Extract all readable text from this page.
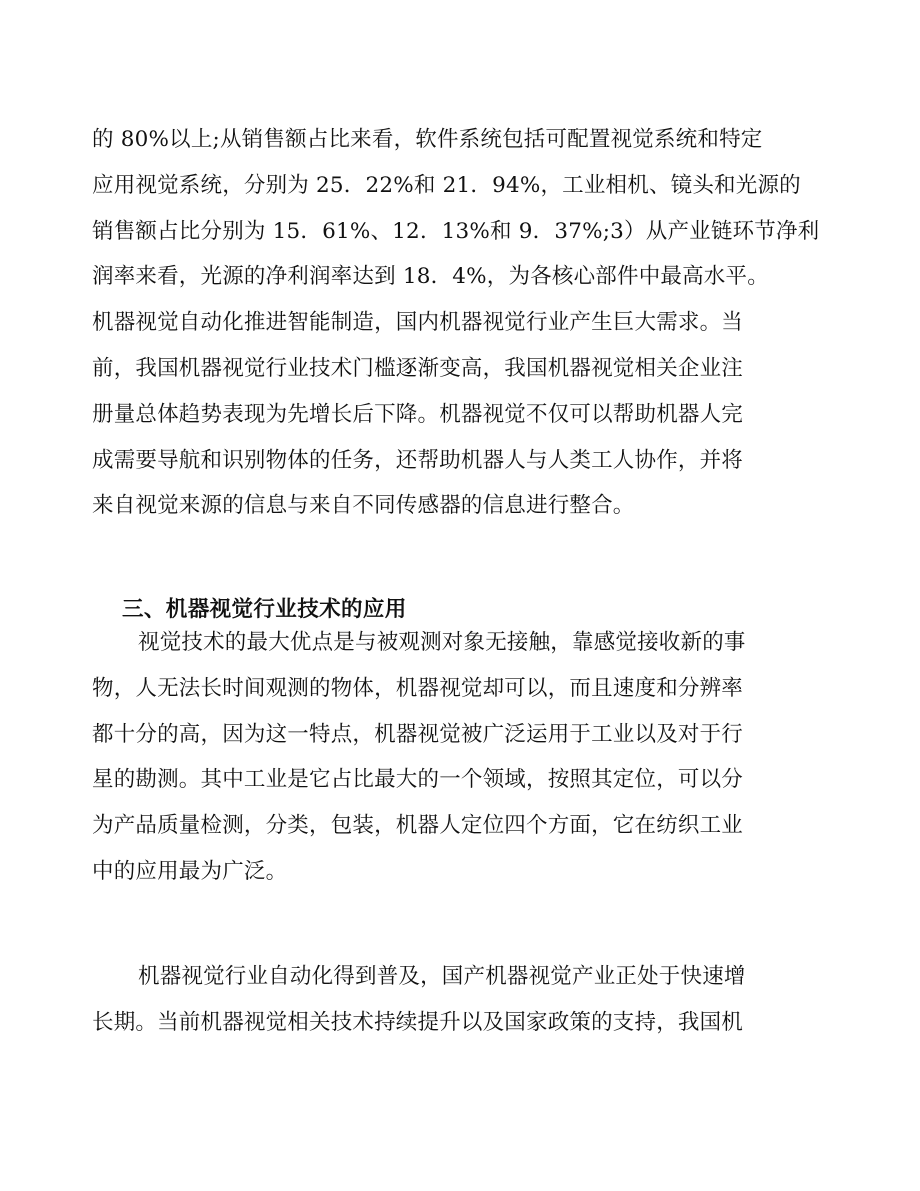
的 80%以上;从销售额占比来看，软件系统包括可配置视觉系统和特定
应用视觉系统，分别为 25．22%和 21．94%，工业相机、镜头和光源的
销售额占比分别为 15．61%、12．13%和 9．37%;3）从产业链环节净利
润率来看，光源的净利润率达到 18．4%，为各核心部件中最高水平。
机器视觉自动化推进智能制造，国内机器视觉行业产生巨大需求。当
前，我国机器视觉行业技术门槛逐渐变高，我国机器视觉相关企业注
册量总体趋势表现为先增长后下降。机器视觉不仅可以帮助机器人完
成需要导航和识别物体的任务，还帮助机器人与人类工人协作，并将
来自视觉来源的信息与来自不同传感器的信息进行整合。
三、机器视觉行业技术的应用
视觉技术的最大优点是与被观测对象无接触，靠感觉接收新的事
物，人无法长时间观测的物体，机器视觉却可以，而且速度和分辨率
都十分的高，因为这一特点，机器视觉被广泛运用于工业以及对于行
星的勘测。其中工业是它占比最大的一个领域，按照其定位，可以分
为产品质量检测，分类，包装，机器人定位四个方面，它在纺织工业
中的应用最为广泛。
机器视觉行业自动化得到普及，国产机器视觉产业正处于快速增
长期。当前机器视觉相关技术持续提升以及国家政策的支持，我国机
